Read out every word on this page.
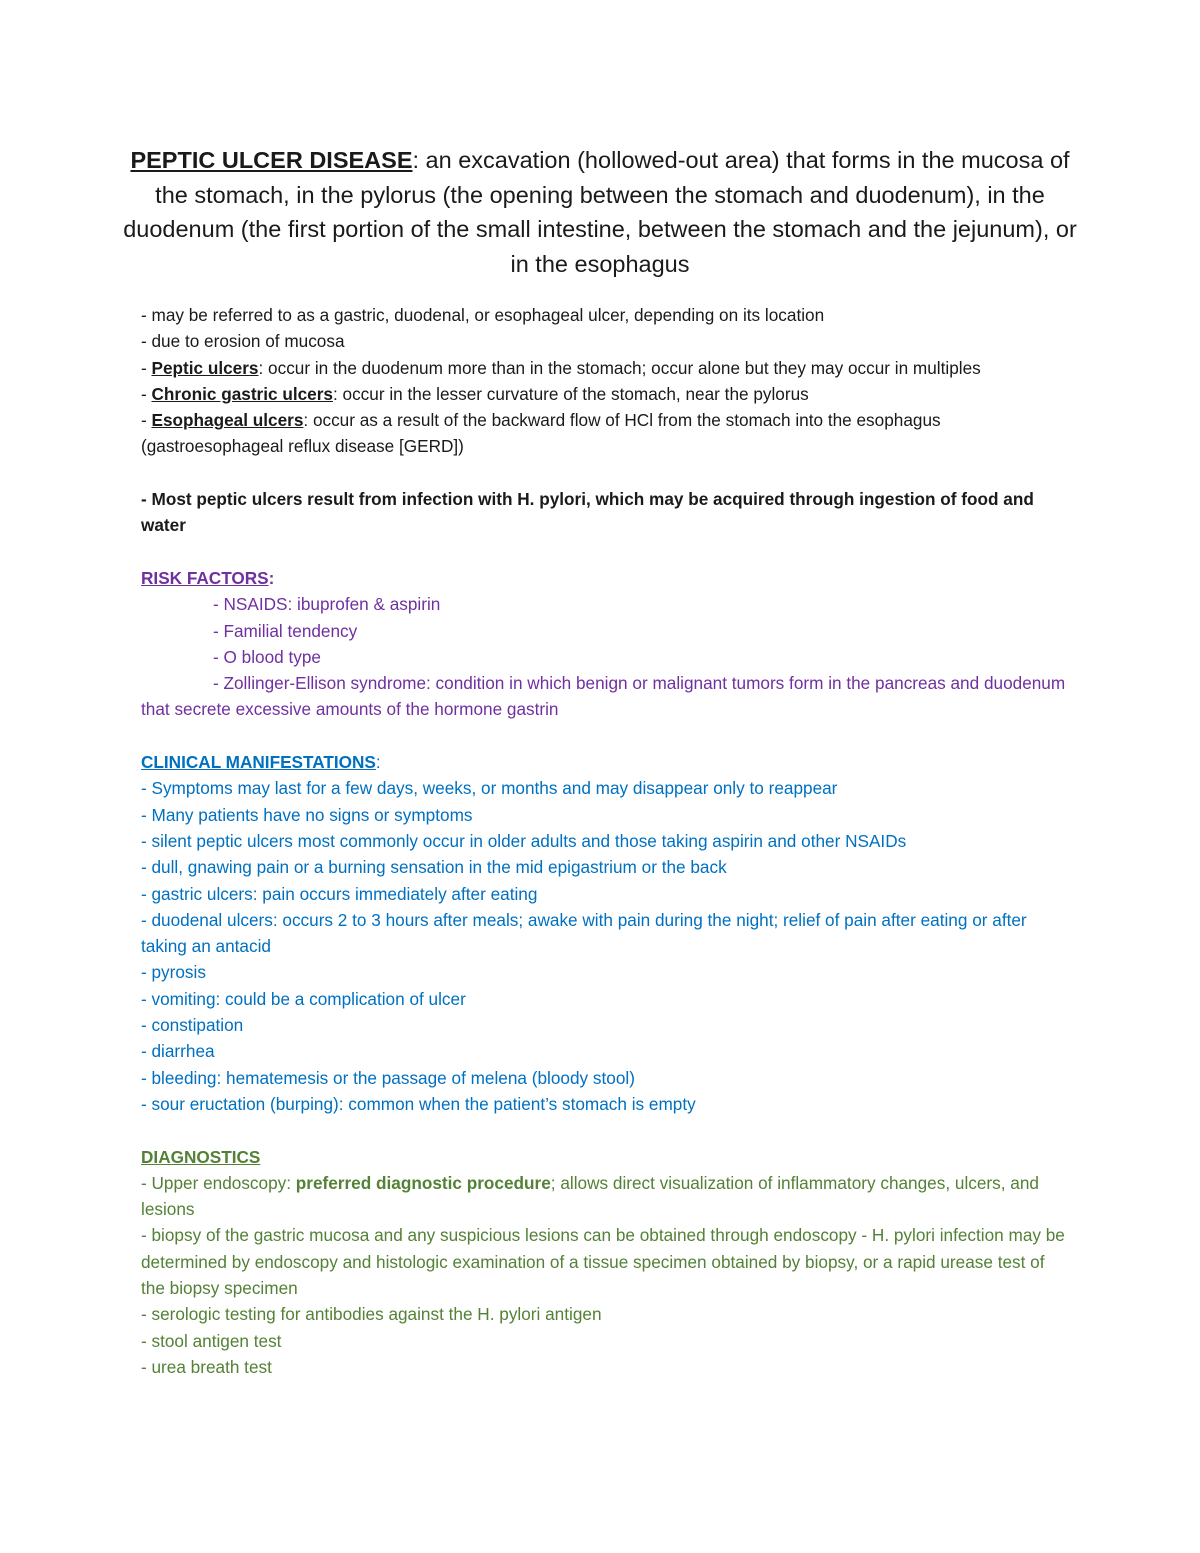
PEPTIC ULCER DISEASE: an excavation (hollowed-out area) that forms in the mucosa of the stomach, in the pylorus (the opening between the stomach and duodenum), in the duodenum (the first portion of the small intestine, between the stomach and the jejunum), or in the esophagus

- may be referred to as a gastric, duodenal, or esophageal ulcer, depending on its location

- due to erosion of mucosa

- Peptic ulcers: occur in the duodenum more than in the stomach; occur alone but they may occur in multiples

- Chronic gastric ulcers: occur in the lesser curvature of the stomach, near the pylorus

- Esophageal ulcers: occur as a result of the backward flow of HCl from the stomach into the esophagus (gastroesophageal reflux disease [GERD])

- Most peptic ulcers result from infection with H. pylori, which may be acquired through ingestion of food and water

RISK FACTORS:

- NSAIDS: ibuprofen & aspirin

- Familial tendency

- O blood type

- Zollinger-Ellison syndrome: condition in which benign or malignant tumors form in the pancreas and duodenum that secrete excessive amounts of the hormone gastrin

CLINICAL MANIFESTATIONS:

- Symptoms may last for a few days, weeks, or months and may disappear only to reappear

- Many patients have no signs or symptoms

- silent peptic ulcers most commonly occur in older adults and those taking aspirin and other NSAIDs

- dull, gnawing pain or a burning sensation in the mid epigastrium or the back

- gastric ulcers: pain occurs immediately after eating

- duodenal ulcers: occurs 2 to 3 hours after meals; awake with pain during the night; relief of pain after eating or after taking an antacid

- pyrosis

- vomiting: could be a complication of ulcer

- constipation

- diarrhea

- bleeding: hematemesis or the passage of melena (bloody stool)

- sour eructation (burping): common when the patient’s stomach is empty

DIAGNOSTICS

- Upper endoscopy: preferred diagnostic procedure; allows direct visualization of inflammatory changes, ulcers, and lesions

- biopsy of the gastric mucosa and any suspicious lesions can be obtained through endoscopy - H. pylori infection may be determined by endoscopy and histologic examination of a tissue specimen obtained by biopsy, or a rapid urease test of the biopsy specimen

- serologic testing for antibodies against the H. pylori antigen

- stool antigen test

- urea breath test
